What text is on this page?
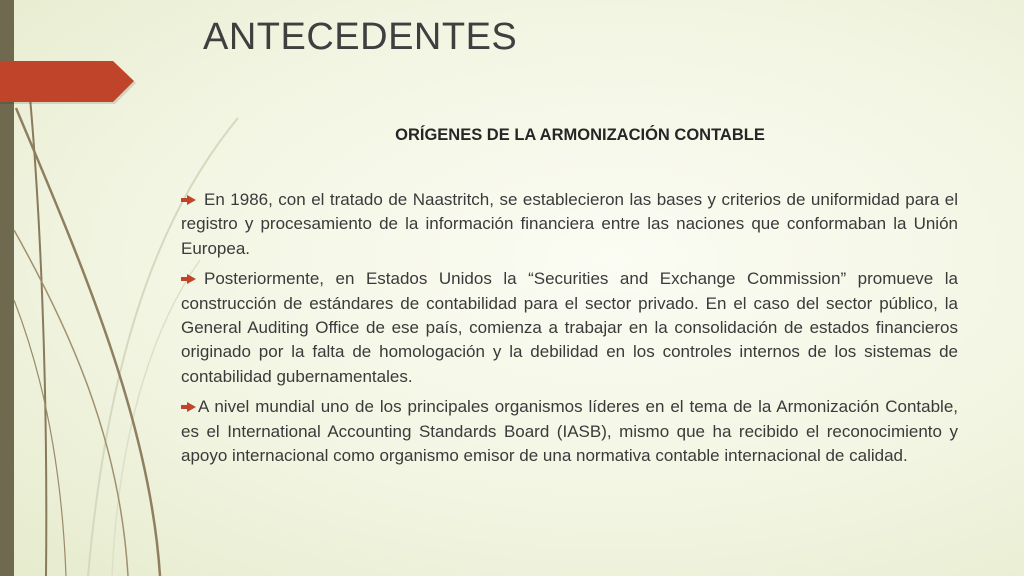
ANTECEDENTES
ORÍGENES DE LA ARMONIZACIÓN CONTABLE
En 1986, con el tratado de Naastritch, se establecieron las bases y criterios de uniformidad para el registro y procesamiento de la información financiera entre las naciones que conformaban la Unión Europea.
Posteriormente, en Estados Unidos la “Securities and Exchange Commission” promueve la construcción de estándares de contabilidad para el sector privado. En el caso del sector público, la General Auditing Office de ese país, comienza a trabajar en la consolidación de estados financieros originado por la falta de homologación y la debilidad en los controles internos de los sistemas de contabilidad gubernamentales.
A nivel mundial uno de los principales organismos líderes en el tema de la Armonización Contable, es el International Accounting Standards Board (IASB), mismo que ha recibido el reconocimiento y apoyo internacional como organismo emisor de una normativa contable internacional de calidad.
